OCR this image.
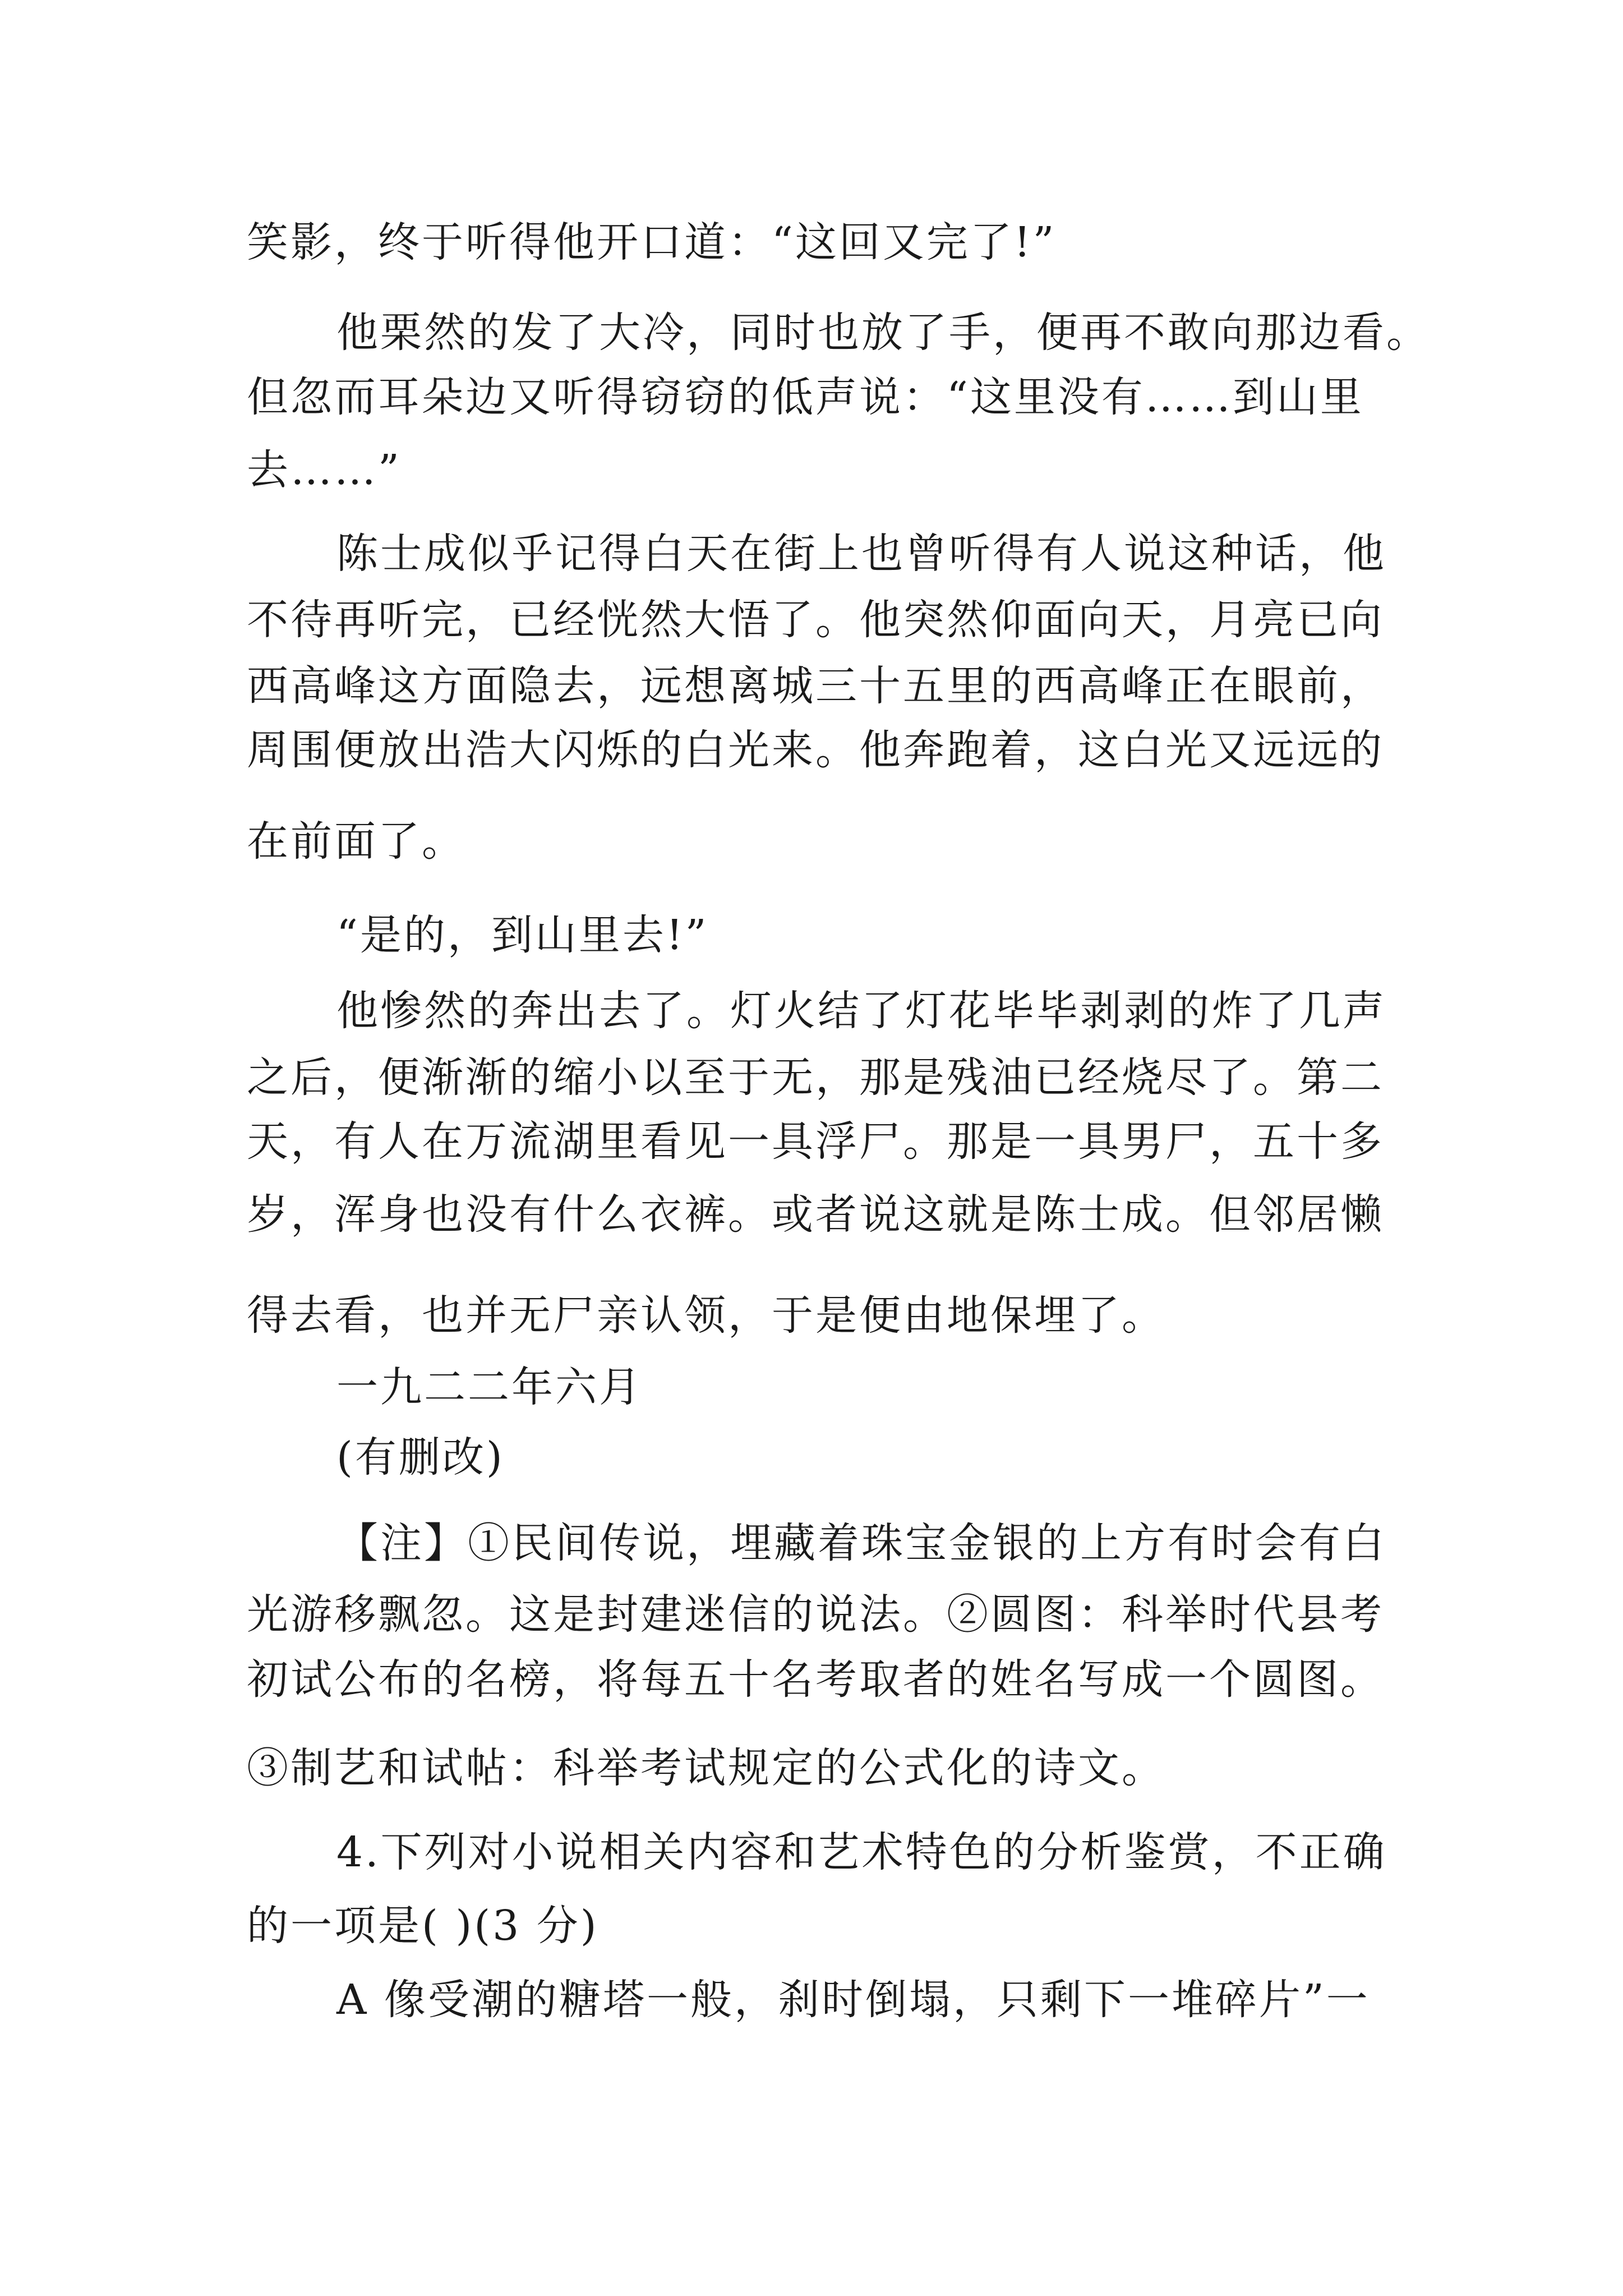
笑影，终于听得他开口道：“这回又完了!”

他栗然的发了大冷，同时也放了手，便再不敢向那边看。

但忽而耳朵边又听得窃窃的低声说：“这里没有……到山里

去……”

陈士成似乎记得白天在街上也曾听得有人说这种话，他

不待再听完，已经恍然大悟了。他突然仰面向天，月亮已向

西高峰这方面隐去，远想离城三十五里的西高峰正在眼前，

周围便放出浩大闪烁的白光来。他奔跑着，这白光又远远的

在前面了。

“是的，到山里去!”

他惨然的奔出去了。灯火结了灯花毕毕剥剥的炸了几声

之后，便渐渐的缩小以至于无，那是残油已经烧尽了。第二

天，有人在万流湖里看见一具浮尸。那是一具男尸，五十多

岁，浑身也没有什么衣裤。或者说这就是陈士成。但邻居懒

得去看，也并无尸亲认领，于是便由地保埋了。

一九二二年六月

(有删改)

【注】①民间传说，埋藏着珠宝金银的上方有时会有白

光游移飘忽。这是封建迷信的说法。②圆图：科举时代县考

初试公布的名榜，将每五十名考取者的姓名写成一个圆图。

③制艺和试帖：科举考试规定的公式化的诗文。

4.下列对小说相关内容和艺术特色的分析鉴赏，不正确

的一项是( )(3 分)

A 像受潮的糖塔一般，刹时倒塌，只剩下一堆碎片”一
